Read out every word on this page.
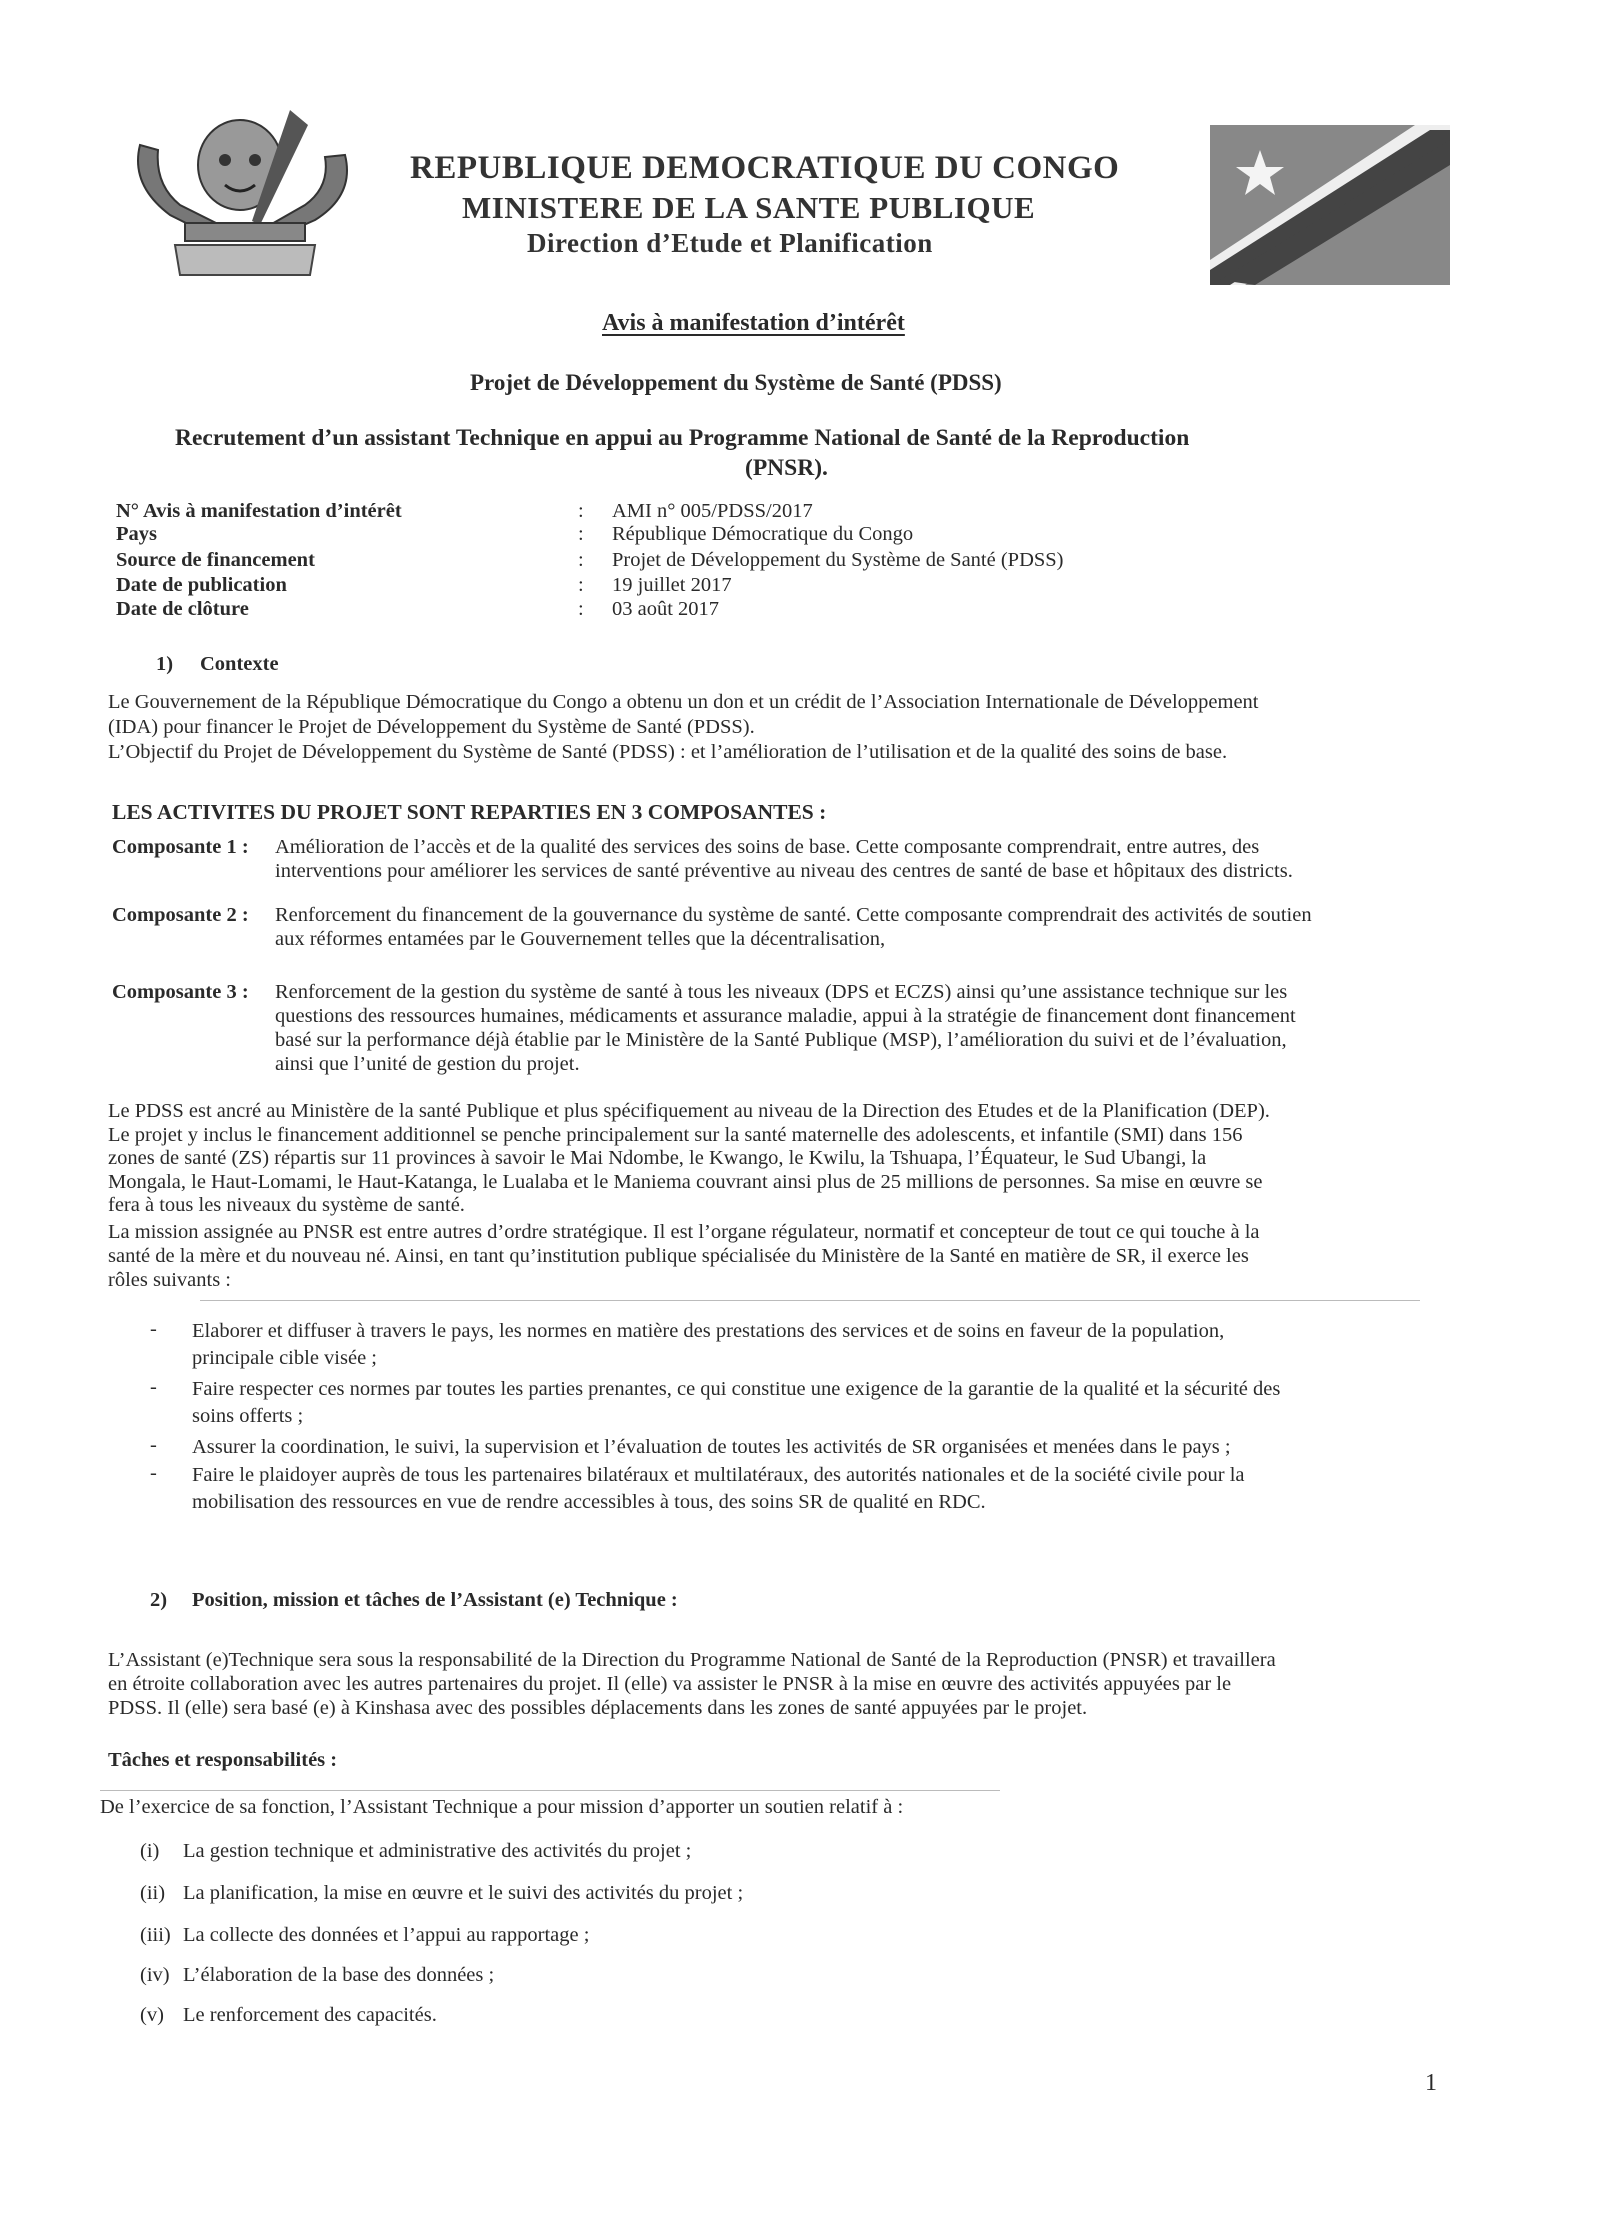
REPUBLIQUE DEMOCRATIQUE DU CONGO
MINISTERE DE LA SANTE PUBLIQUE
Direction d’Etude et Planification
Avis à manifestation d’intérêt
Projet de Développement du Système de Santé (PDSS)
Recrutement d’un assistant Technique en appui au Programme National de Santé de la Reproduction
(PNSR).
N° Avis à manifestation d’intérêt	: AMI n° 005/PDSS/2017
Pays	: République Démocratique du Congo
Source de financement	: Projet de Développement du Système de Santé (PDSS)
Date de publication	: 19 juillet 2017
Date de clôture	: 03 août 2017
1) Contexte
Le Gouvernement de la République Démocratique du Congo a obtenu un don et un crédit de l’Association Internationale de Développement
(IDA) pour financer le Projet de Développement du Système de Santé (PDSS).
L’Objectif du Projet de Développement du Système de Santé (PDSS) : et l’amélioration de l’utilisation et de la qualité des soins de base.
LES ACTIVITES DU PROJET SONT REPARTIES EN 3 COMPOSANTES :
Composante 1 : Amélioration de l’accès et de la qualité des services des soins de base. Cette composante comprendrait, entre autres, des
interventions pour améliorer les services de santé préventive au niveau des centres de santé de base et hôpitaux des districts.
Composante 2 : Renforcement du financement de la gouvernance du système de santé. Cette composante comprendrait des activités de soutien
aux réformes entamées par le Gouvernement telles que la décentralisation,
Composante 3 : Renforcement de la gestion du système de santé à tous les niveaux (DPS et ECZS) ainsi qu’une assistance technique sur les
questions des ressources humaines, médicaments et assurance maladie, appui à la stratégie de financement dont financement
basé sur la performance déjà établie par le Ministère de la Santé Publique (MSP), l’amélioration du suivi et de l’évaluation,
ainsi que l’unité de gestion du projet.
Le PDSS est ancré au Ministère de la santé Publique et plus spécifiquement au niveau de la Direction des Etudes et de la Planification (DEP).
Le projet y inclus le financement additionnel se penche principalement sur la santé maternelle des adolescents, et infantile (SMI) dans 156
zones de santé (ZS) répartis sur 11 provinces à savoir le Mai Ndombe, le Kwango, le Kwilu, la Tshuapa, l’Équateur, le Sud Ubangi, la
Mongala, le Haut-Lomami, le Haut-Katanga, le Lualaba et le Maniema couvrant ainsi plus de 25 millions de personnes. Sa mise en œuvre se
fera à tous les niveaux du système de santé.
La mission assignée au PNSR est entre autres d’ordre stratégique. Il est l’organe régulateur, normatif et concepteur de tout ce qui touche à la
santé de la mère et du nouveau né. Ainsi, en tant qu’institution publique spécialisée du Ministère de la Santé en matière de SR, il exerce les
rôles suivants :
- Elaborer et diffuser à travers le pays, les normes en matière des prestations des services et de soins en faveur de la population,
principale cible visée ;
- Faire respecter ces normes par toutes les parties prenantes, ce qui constitue une exigence de la garantie de la qualité et la sécurité des
soins offerts ;
- Assurer la coordination, le suivi, la supervision et l’évaluation de toutes les activités de SR organisées et menées dans le pays ;
- Faire le plaidoyer auprès de tous les partenaires bilatéraux et multilatéraux, des autorités nationales et de la société civile pour la
mobilisation des ressources en vue de rendre accessibles à tous, des soins SR de qualité en RDC.
2) Position, mission et tâches de l’Assistant (e) Technique :
L’Assistant (e)Technique sera sous la responsabilité de la Direction du Programme National de Santé de la Reproduction (PNSR) et travaillera
en étroite collaboration avec les autres partenaires du projet. Il (elle) va assister le PNSR à la mise en œuvre des activités appuyées par le
PDSS. Il (elle) sera basé (e) à Kinshasa avec des possibles déplacements dans les zones de santé appuyées par le projet.
Tâches et responsabilités :
De l’exercice de sa fonction, l’Assistant Technique a pour mission d’apporter un soutien relatif à :
(i) La gestion technique et administrative des activités du projet ;
(ii) La planification, la mise en œuvre et le suivi des activités du projet ;
(iii) La collecte des données et l’appui au rapportage ;
(iv) L’élaboration de la base des données ;
(v) Le renforcement des capacités.
1
